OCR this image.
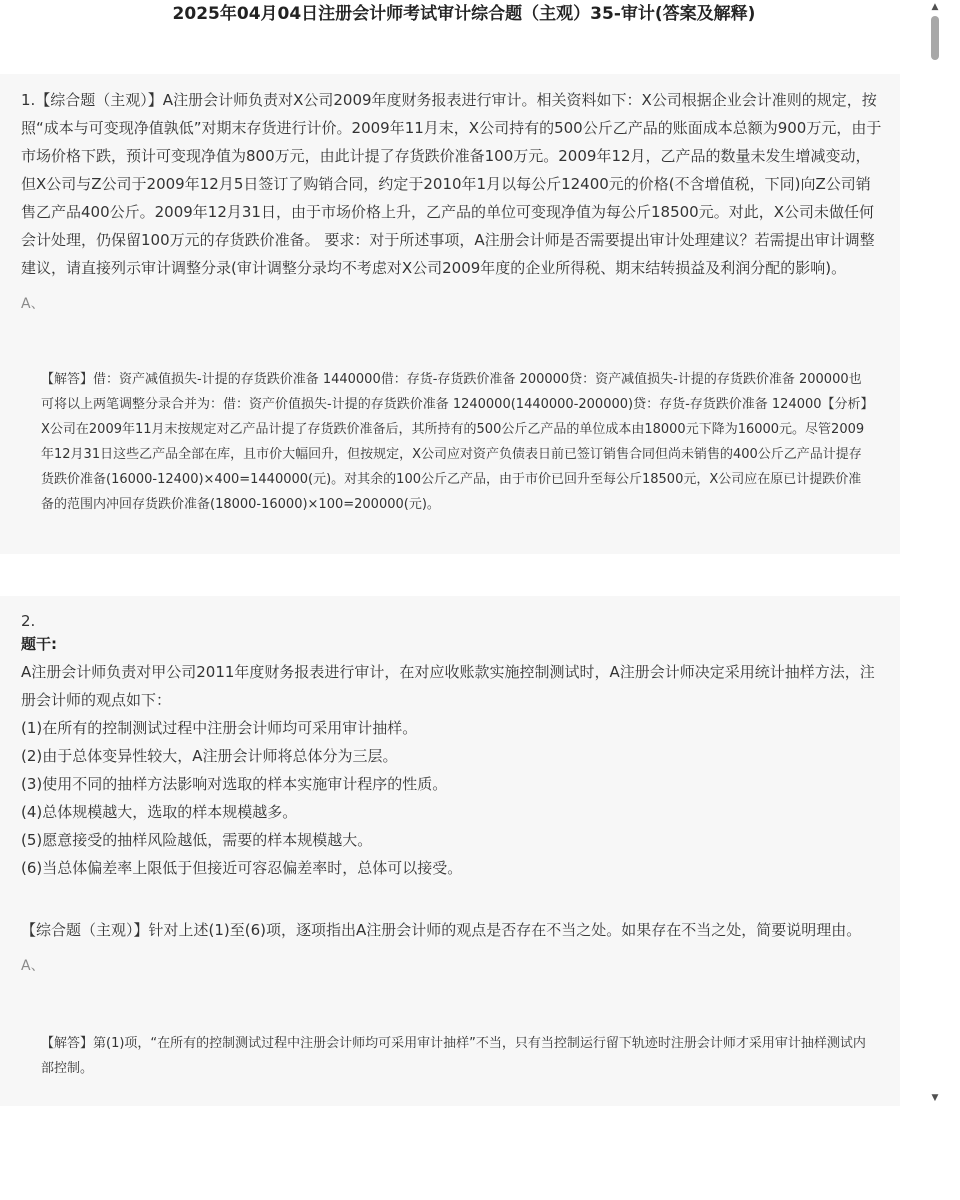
2025年04月04日注册会计师考试审计综合题（主观）35-审计(答案及解释)

1.【综合题（主观）】A注册会计师负责对X公司2009年度财务报表进行审计。相关资料如下：X公司根据企业会计准则的规定，按照“成本与可变现净值孰低”对期末存货进行计价。2009年11月末，X公司持有的500公斤乙产品的账面成本总额为900万元，由于市场价格下跌，预计可变现净值为800万元，由此计提了存货跌价准备100万元。2009年12月，乙产品的数量未发生增减变动，但X公司与Z公司于2009年12月5日签订了购销合同，约定于2010年1月以每公斤12400元的价格(不含增值税，下同)向Z公司销售乙产品400公斤。2009年12月31日，由于市场价格上升，乙产品的单位可变现净值为每公斤18500元。对此，X公司未做任何会计处理，仍保留100万元的存货跌价准备。 要求：对于所述事项，A注册会计师是否需要提出审计处理建议？若需提出审计调整建议，请直接列示审计调整分录(审计调整分录均不考虑对X公司2009年度的企业所得税、期末结转损益及利润分配的影响)。

A、

【解答】借：资产减值损失-计提的存货跌价准备 1440000借：存货-存货跌价准备 200000贷：资产减值损失-计提的存货跌价准备 200000也可将以上两笔调整分录合并为：借：资产价值损失-计提的存货跌价准备 1240000(1440000-200000)贷：存货-存货跌价准备 124000【分析】X公司在2009年11月末按规定对乙产品计提了存货跌价准备后，其所持有的500公斤乙产品的单位成本由18000元下降为16000元。尽管2009年12月31日这些乙产品全部在库，且市价大幅回升，但按规定，X公司应对资产负债表日前已签订销售合同但尚未销售的400公斤乙产品计提存货跌价准备(16000-12400)×400=1440000(元)。对其余的100公斤乙产品，由于市价已回升至每公斤18500元，X公司应在原已计提跌价准备的范围内冲回存货跌价准备(18000-16000)×100=200000(元)。

2.
题干:
A注册会计师负责对甲公司2011年度财务报表进行审计，在对应收账款实施控制测试时，A注册会计师决定采用统计抽样方法，注册会计师的观点如下：
(1)在所有的控制测试过程中注册会计师均可采用审计抽样。
(2)由于总体变异性较大，A注册会计师将总体分为三层。
(3)使用不同的抽样方法影响对选取的样本实施审计程序的性质。
(4)总体规模越大，选取的样本规模越多。
(5)愿意接受的抽样风险越低，需要的样本规模越大。
(6)当总体偏差率上限低于但接近可容忍偏差率时，总体可以接受。
【综合题（主观）】针对上述(1)至(6)项，逐项指出A注册会计师的观点是否存在不当之处。如果存在不当之处，简要说明理由。
A、

【解答】第(1)项，“在所有的控制测试过程中注册会计师均可采用审计抽样”不当，只有当控制运行留下轨迹时注册会计师才采用审计抽样测试内部控制。

▲
▼
